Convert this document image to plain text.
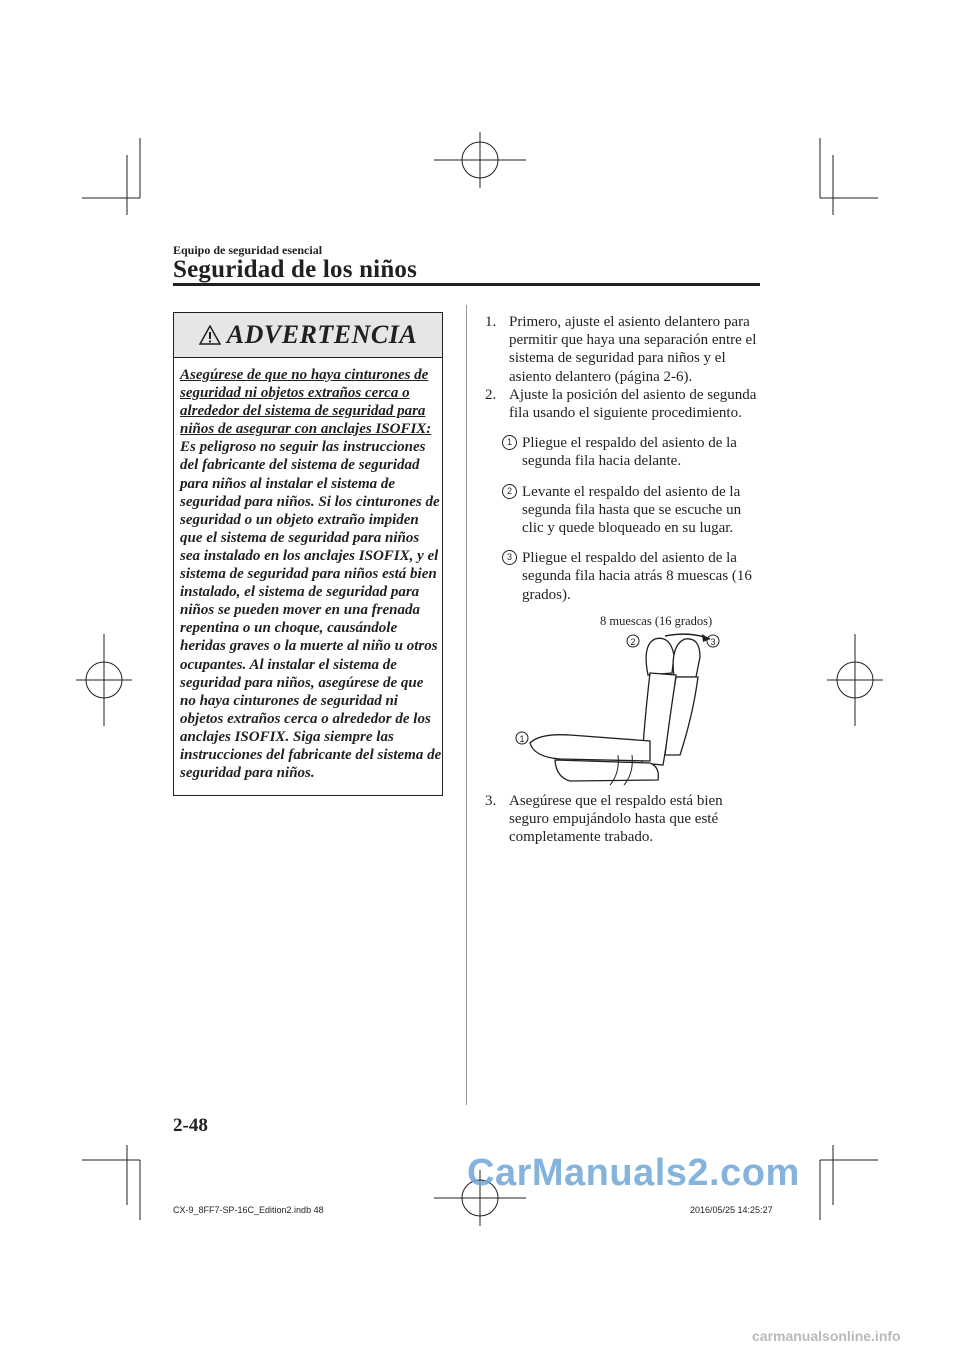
Equipo de seguridad esencial
Seguridad de los niños
ADVERTENCIA
Asegúrese de que no haya cinturones de seguridad ni objetos extraños cerca o alrededor del sistema de seguridad para niños de asegurar con anclajes ISOFIX:
Es peligroso no seguir las instrucciones del fabricante del sistema de seguridad para niños al instalar el sistema de seguridad para niños. Si los cinturones de seguridad o un objeto extraño impiden que el sistema de seguridad para niños sea instalado en los anclajes ISOFIX, y el sistema de seguridad para niños está bien instalado, el sistema de seguridad para niños se pueden mover en una frenada repentina o un choque, causándole heridas graves o la muerte al niño u otros ocupantes. Al instalar el sistema de seguridad para niños, asegúrese de que no haya cinturones de seguridad ni objetos extraños cerca o alrededor de los anclajes ISOFIX. Siga siempre las instrucciones del fabricante del sistema de seguridad para niños.
1. Primero, ajuste el asiento delantero para permitir que haya una separación entre el sistema de seguridad para niños y el asiento delantero (página 2-6).
2. Ajuste la posición del asiento de segunda fila usando el siguiente procedimiento.
1 Pliegue el respaldo del asiento de la segunda fila hacia delante.
2 Levante el respaldo del asiento de la segunda fila hasta que se escuche un clic y quede bloqueado en su lugar.
3 Pliegue el respaldo del asiento de la segunda fila hacia atrás 8 muescas (16 grados).
8 muescas (16 grados)
2	3
1
3. Asegúrese que el respaldo está bien seguro empujándolo hasta que esté completamente trabado.
2-48
CX-9_8FF7-SP-16C_Edition2.indb 48	2016/05/25 14:25:27
CarManuals2.com
carmanualsonline.info
